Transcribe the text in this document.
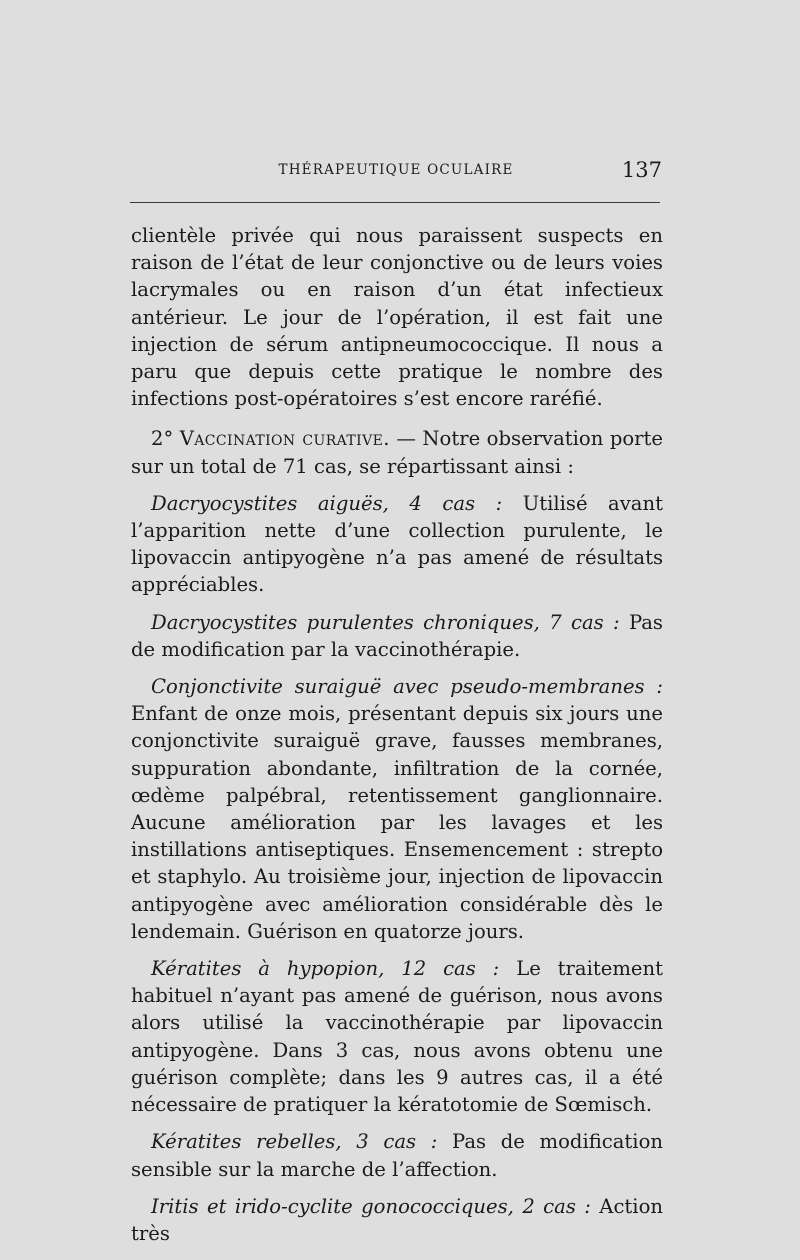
THÉRAPEUTIQUE OCULAIRE	137

clientèle privée qui nous paraissent suspects en raison de l’état de leur conjonctive ou de leurs voies lacrymales ou en raison d’un état infectieux antérieur. Le jour de l’opération, il est fait une injection de sérum antipneumococcique. Il nous a paru que depuis cette pratique le nombre des infections post-opératoires s’est encore raréfié.

2° Vaccination curative. — Notre observation porte sur un total de 71 cas, se répartissant ainsi :

Dacryocystites aiguës, 4 cas : Utilisé avant l’apparition nette d’une collection purulente, le lipovaccin antipyogène n’a pas amené de résultats appréciables.

Dacryocystites purulentes chroniques, 7 cas : Pas de modification par la vaccinothérapie.

Conjonctivite suraiguë avec pseudo-membranes : Enfant de onze mois, présentant depuis six jours une conjonctivite suraiguë grave, fausses membranes, suppuration abondante, infiltration de la cornée, œdème palpébral, retentissement ganglionnaire. Aucune amélioration par les lavages et les instillations antiseptiques. Ensemencement : strepto et staphylo. Au troisième jour, injection de lipovaccin antipyogène avec amélioration considérable dès le lendemain. Guérison en quatorze jours.

Kératites à hypopion, 12 cas : Le traitement habituel n’ayant pas amené de guérison, nous avons alors utilisé la vaccinothérapie par lipovaccin antipyogène. Dans 3 cas, nous avons obtenu une guérison complète; dans les 9 autres cas, il a été nécessaire de pratiquer la kératotomie de Sœmisch.

Kératites rebelles, 3 cas : Pas de modification sensible sur la marche de l’affection.

Iritis et irido-cyclite gonococciques, 2 cas : Action très
